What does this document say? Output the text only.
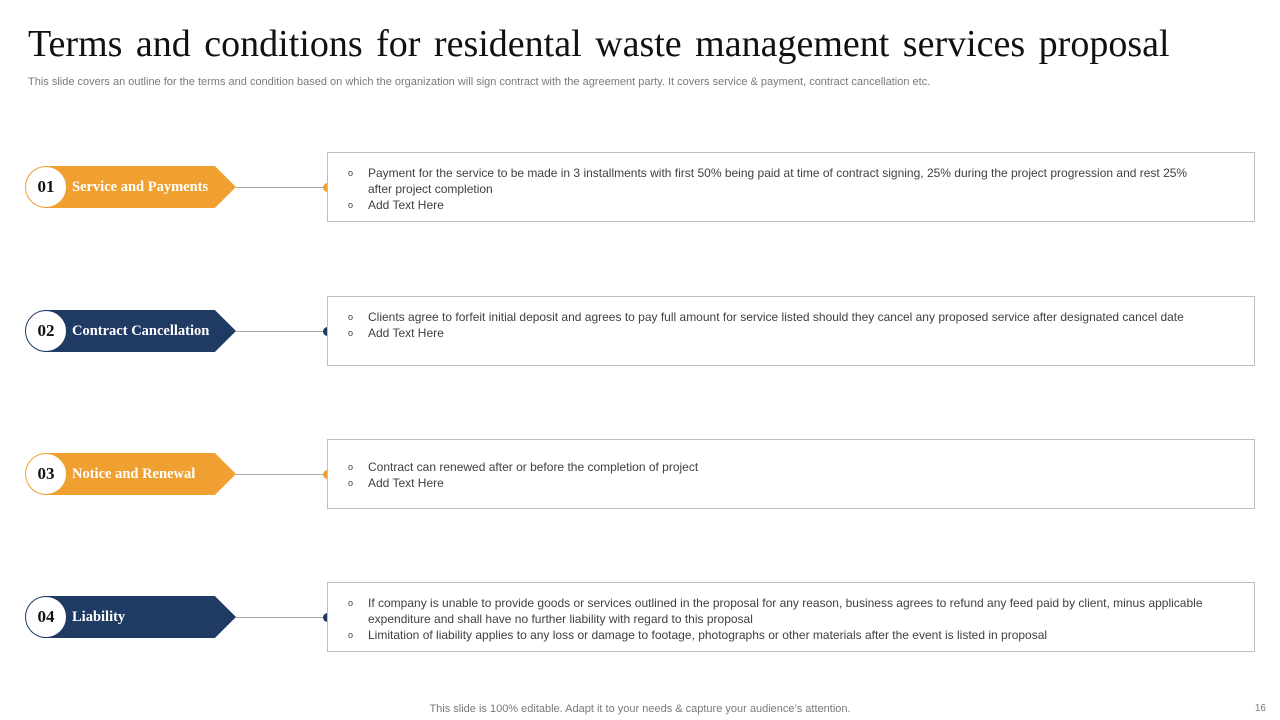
Terms and conditions for residental waste management services proposal

This slide covers an outline for the terms and condition based on which the organization will sign contract with the agreement party. It covers service & payment, contract cancellation etc.

Service and Payments
01
o Payment for the service to be made in 3 installments with first 50% being paid at time of contract signing, 25% during the project progression and rest 25% after project completion
o Add Text Here
Contract Cancellation
02
o Clients agree to forfeit initial deposit and agrees to pay full amount for service listed should they cancel any proposed service after designated cancel date
o Add Text Here
Notice and Renewal
03	o Contract can renewed after or before the completion of project
o Add Text Here
Liability
04
o If company is unable to provide goods or services outlined in the proposal for any reason, business agrees to refund any feed paid by client, minus applicable expenditure and shall have no further liability with regard to this proposal
o Limitation of liability applies to any loss or damage to footage, photographs or other materials after the event is listed in proposal
This slide is 100% editable. Adapt it to your needs & capture your audience’s attention.	16
